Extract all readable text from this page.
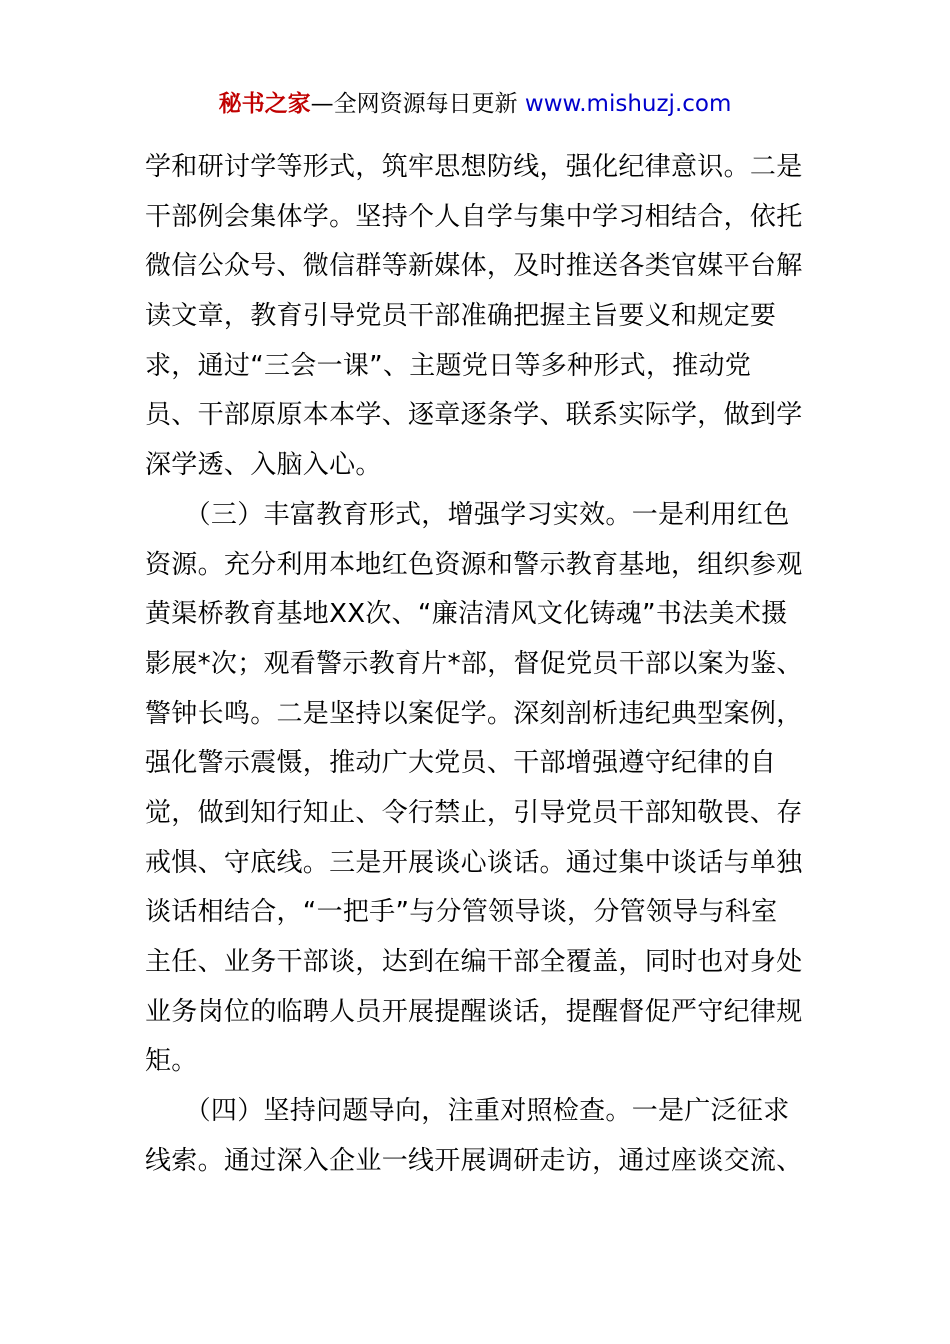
秘书之家—全网资源每日更新 www.mishuzj.com
学和研讨学等形式，筑牢思想防线，强化纪律意识。二是
干部例会集体学。坚持个人自学与集中学习相结合，依托
微信公众号、微信群等新媒体，及时推送各类官媒平台解
读文章，教育引导党员干部准确把握主旨要义和规定要
求，通过“三会一课”、主题党日等多种形式，推动党
员、干部原原本本学、逐章逐条学、联系实际学，做到学
深学透、入脑入心。
　　（三）丰富教育形式，增强学习实效。一是利用红色
资源。充分利用本地红色资源和警示教育基地，组织参观
黄渠桥教育基地XX次、“廉洁清风文化铸魂”书法美术摄
影展*次；观看警示教育片*部，督促党员干部以案为鉴、
警钟长鸣。二是坚持以案促学。深刻剖析违纪典型案例，
强化警示震慑，推动广大党员、干部增强遵守纪律的自
觉，做到知行知止、令行禁止，引导党员干部知敬畏、存
戒惧、守底线。三是开展谈心谈话。通过集中谈话与单独
谈话相结合，“一把手”与分管领导谈，分管领导与科室
主任、业务干部谈，达到在编干部全覆盖，同时也对身处
业务岗位的临聘人员开展提醒谈话，提醒督促严守纪律规
矩。
　　（四）坚持问题导向，注重对照检查。一是广泛征求
线索。通过深入企业一线开展调研走访，通过座谈交流、
